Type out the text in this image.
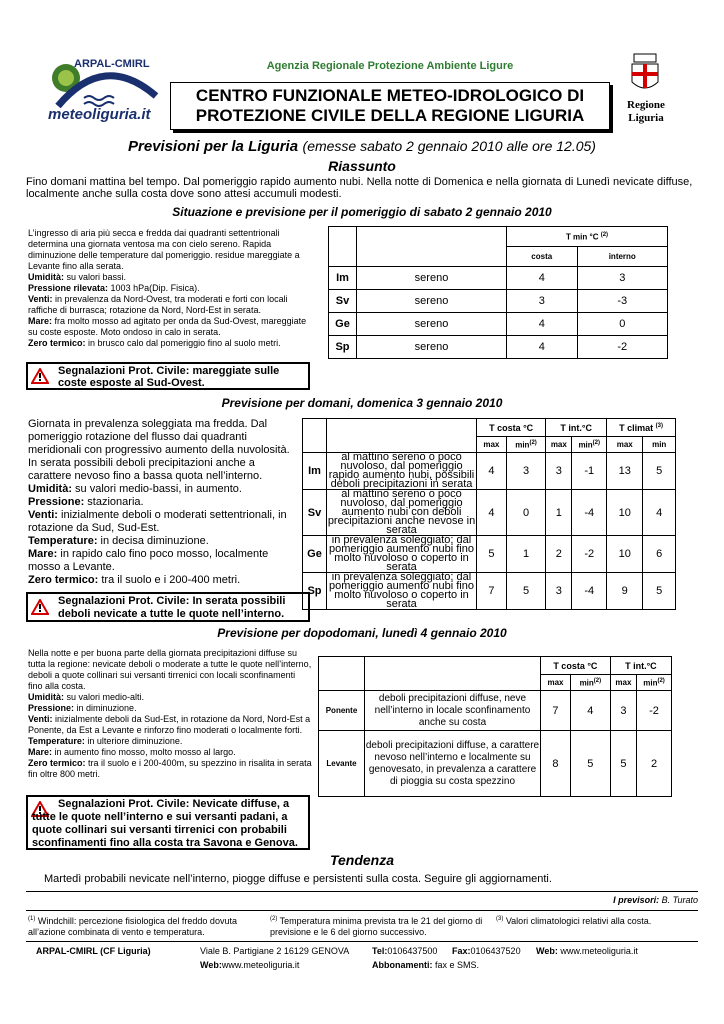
Agenzia Regionale Protezione Ambiente Ligure
ARPAL-CMIRL
meteoliguria.it
CENTRO FUNZIONALE METEO-IDROLOGICO DI
PROTEZIONE CIVILE DELLA REGIONE LIGURIA
Regione
Liguria
Previsioni per la Liguria (emesse sabato 2 gennaio 2010 alle ore 12.05)
Riassunto
Fino domani mattina bel tempo. Dal pomeriggio rapido aumento nubi. Nella notte di Domenica e nella giornata di Lunedì nevicate diffuse, localmente anche sulla costa dove sono attesi accumuli modesti.
Situazione e previsione per il pomeriggio di sabato 2 gennaio 2010

L’ingresso di aria più secca e fredda dai quadranti settentrionali determina una giornata ventosa ma con cielo sereno. Rapida diminuzione delle temperature dal pomeriggio. residue mareggiate a Levante fino alla serata.

Umidità: su valori bassi.

Pressione rilevata: 1003 hPa(Dip. Fisica).

Venti: in prevalenza da Nord-Ovest, tra moderati e forti con locali raffiche di burrasca; rotazione da Nord, Nord-Est in serata.

Mare: fra molto mosso ad agitato per onda da Sud-Ovest, mareggiate su coste esposte. Moto ondoso in calo in serata.

Zero termico: in brusco calo dal pomeriggio fino al suolo metri.

Segnalazioni Prot. Civile: mareggiate sulle coste esposte al Sud-Ovest.
		T min °C $^{(2)}$
		costa	interno
Im	sereno	4	3
Sv	sereno	3	-3
Ge	sereno	4	0
Sp	sereno	4	-2
Previsione per domani, domenica 3 gennaio 2010

Giornata in prevalenza soleggiata ma fredda. Dal pomeriggio rotazione del flusso dai quadranti meridionali con progressivo aumento della nuvolosità. In serata possibili deboli precipitazioni anche a carattere nevoso fino a bassa quota nell’interno.

Umidità: su valori medio-bassi, in aumento.

Pressione: stazionaria.

Venti: inizialmente deboli o moderati settentrionali, in rotazione da Sud, Sud-Est.

Temperature: in decisa diminuzione.

Mare: in rapido calo fino poco mosso, localmente mosso a Levante.

Zero termico: tra il suolo e i 200-400 metri.

Segnalazioni Prot. Civile: In serata possibili deboli nevicate a tutte le quote nell’interno.
		T costa °C		T int.°C		T climat $^{(3)}$
		max	$\min^{(2)}$	max	$\min^{(2)}$	max	min
Im	al mattino sereno o poco nuvoloso, dal pomeriggio rapido aumento nubi, possibili deboli precipitazioni in serata	4	3	3	-1	13	5
Sv	al mattino sereno o poco nuvoloso, dal pomeriggio aumento nubi con deboli precipitazioni anche nevose in serata	4	0	1	-4	10	4
Ge	in prevalenza soleggiato; dal pomeriggio aumento nubi fino molto nuvoloso o coperto in serata	5	1	2	-2	10	6
Sp	in prevalenza soleggiato; dal pomeriggio aumento nubi fino molto nuvoloso o coperto in serata	7	5	3	-4	9	5
Previsione per dopodomani, lunedì 4 gennaio 2010

Nella notte e per buona parte della giornata precipitazioni diffuse su tutta la regione: nevicate deboli o moderate a tutte le quote nell’interno, deboli a quote collinari sui versanti tirrenici con locali sconfinamenti fino alla costa.

Umidità: su valori medio-alti.

Pressione: in diminuzione.

Venti: inizialmente deboli da Sud-Est, in rotazione da Nord, Nord-Est a Ponente, da Est a Levante e rinforzo fino moderati o localmente forti.

Temperature: in ulteriore diminuzione.

Mare: in aumento fino mosso, molto mosso al largo.

Zero termico: tra il suolo e i 200-400m, su spezzino in risalita in serata fin oltre 800 metri.

Segnalazioni Prot. Civile: Nevicate diffuse, a tutte le quote nell’interno e sui versanti padani, a quote collinari sui versanti tirrenici con probabili sconfinamenti fino alla costa tra Savona e Genova.
		T costa °C		T int.°C	
		max	$\min^{(2)}$	max	$\min^{(2)}$
Ponente	deboli precipitazioni diffuse, neve nell’interno in locale sconfinamento anche su costa	7	4	3	-2
Levante	deboli precipitazioni diffuse, a carattere nevoso nell’interno e localmente su genovesato, in prevalenza a carattere di pioggia su costa spezzino	8	5	5	2
Tendenza
Martedì probabili nevicate nell’interno, piogge diffuse e persistenti sulla costa. Seguire gli aggiornamenti.
I previsori: B. Turato
$^{(1)}$ Windchill: percezione fisiologica del freddo dovuta all’azione combinata di vento e temperatura.
$^{(2)}$ Temperatura minima prevista tra le 21 del giorno di previsione e le 6 del giorno successivo.
$^{(3)}$ Valori climatologici relativi alla costa.
ARPAL-CMIRL (CF Liguria)	Viale B. Partigiane 2 16129 GENOVA	Tel:0106437500 Fax:0106437520 Web: www.meteoliguria.it
Web:www.meteoliguria.it	Abbonamenti: fax e SMS.
